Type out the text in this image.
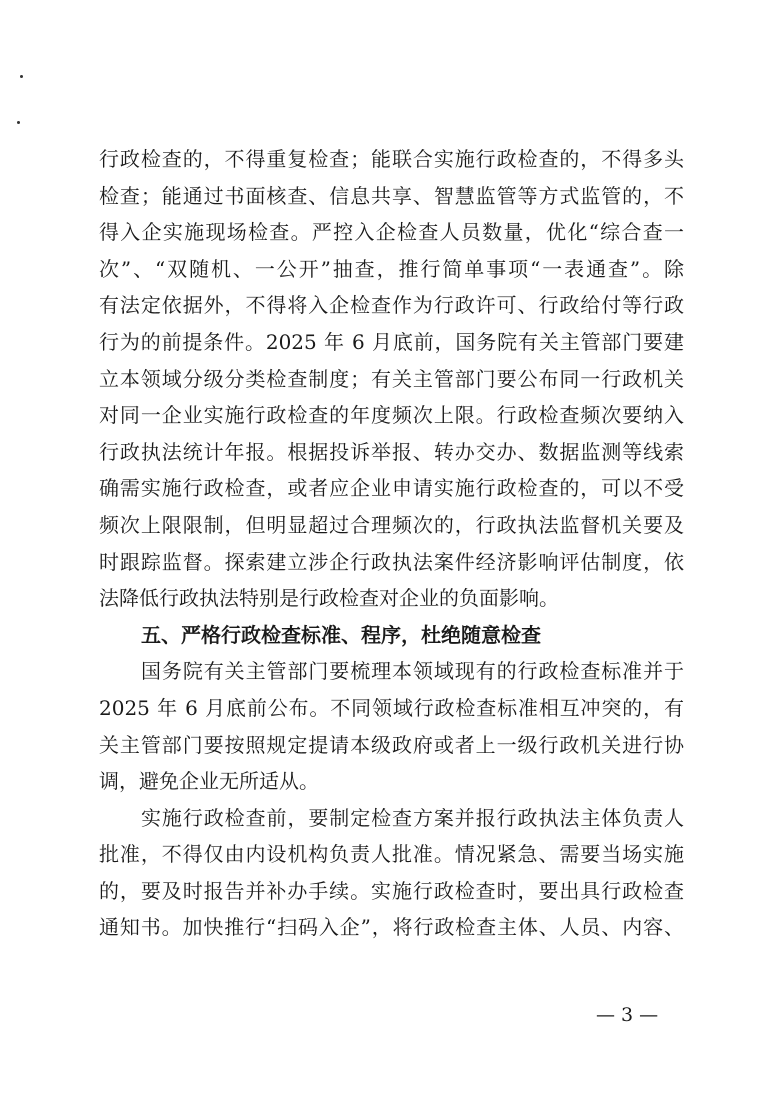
行政检查的，不得重复检查；能联合实施行政检查的，不得多头
检查；能通过书面核查、信息共享、智慧监管等方式监管的，不
得入企实施现场检查。严控入企检查人员数量，优化“综合查一
次”、“双随机、一公开”抽查，推行简单事项“一表通查”。除
有法定依据外，不得将入企检查作为行政许可、行政给付等行政
行为的前提条件。2025 年 6 月底前，国务院有关主管部门要建
立本领域分级分类检查制度；有关主管部门要公布同一行政机关
对同一企业实施行政检查的年度频次上限。行政检查频次要纳入
行政执法统计年报。根据投诉举报、转办交办、数据监测等线索
确需实施行政检查，或者应企业申请实施行政检查的，可以不受
频次上限限制，但明显超过合理频次的，行政执法监督机关要及
时跟踪监督。探索建立涉企行政执法案件经济影响评估制度，依
法降低行政执法特别是行政检查对企业的负面影响。
五、严格行政检查标准、程序，杜绝随意检查
国务院有关主管部门要梳理本领域现有的行政检查标准并于
2025 年 6 月底前公布。不同领域行政检查标准相互冲突的，有
关主管部门要按照规定提请本级政府或者上一级行政机关进行协
调，避免企业无所适从。
实施行政检查前，要制定检查方案并报行政执法主体负责人
批准，不得仅由内设机构负责人批准。情况紧急、需要当场实施
的，要及时报告并补办手续。实施行政检查时，要出具行政检查
通知书。加快推行“扫码入企”，将行政检查主体、人员、内容、
— 3 —
